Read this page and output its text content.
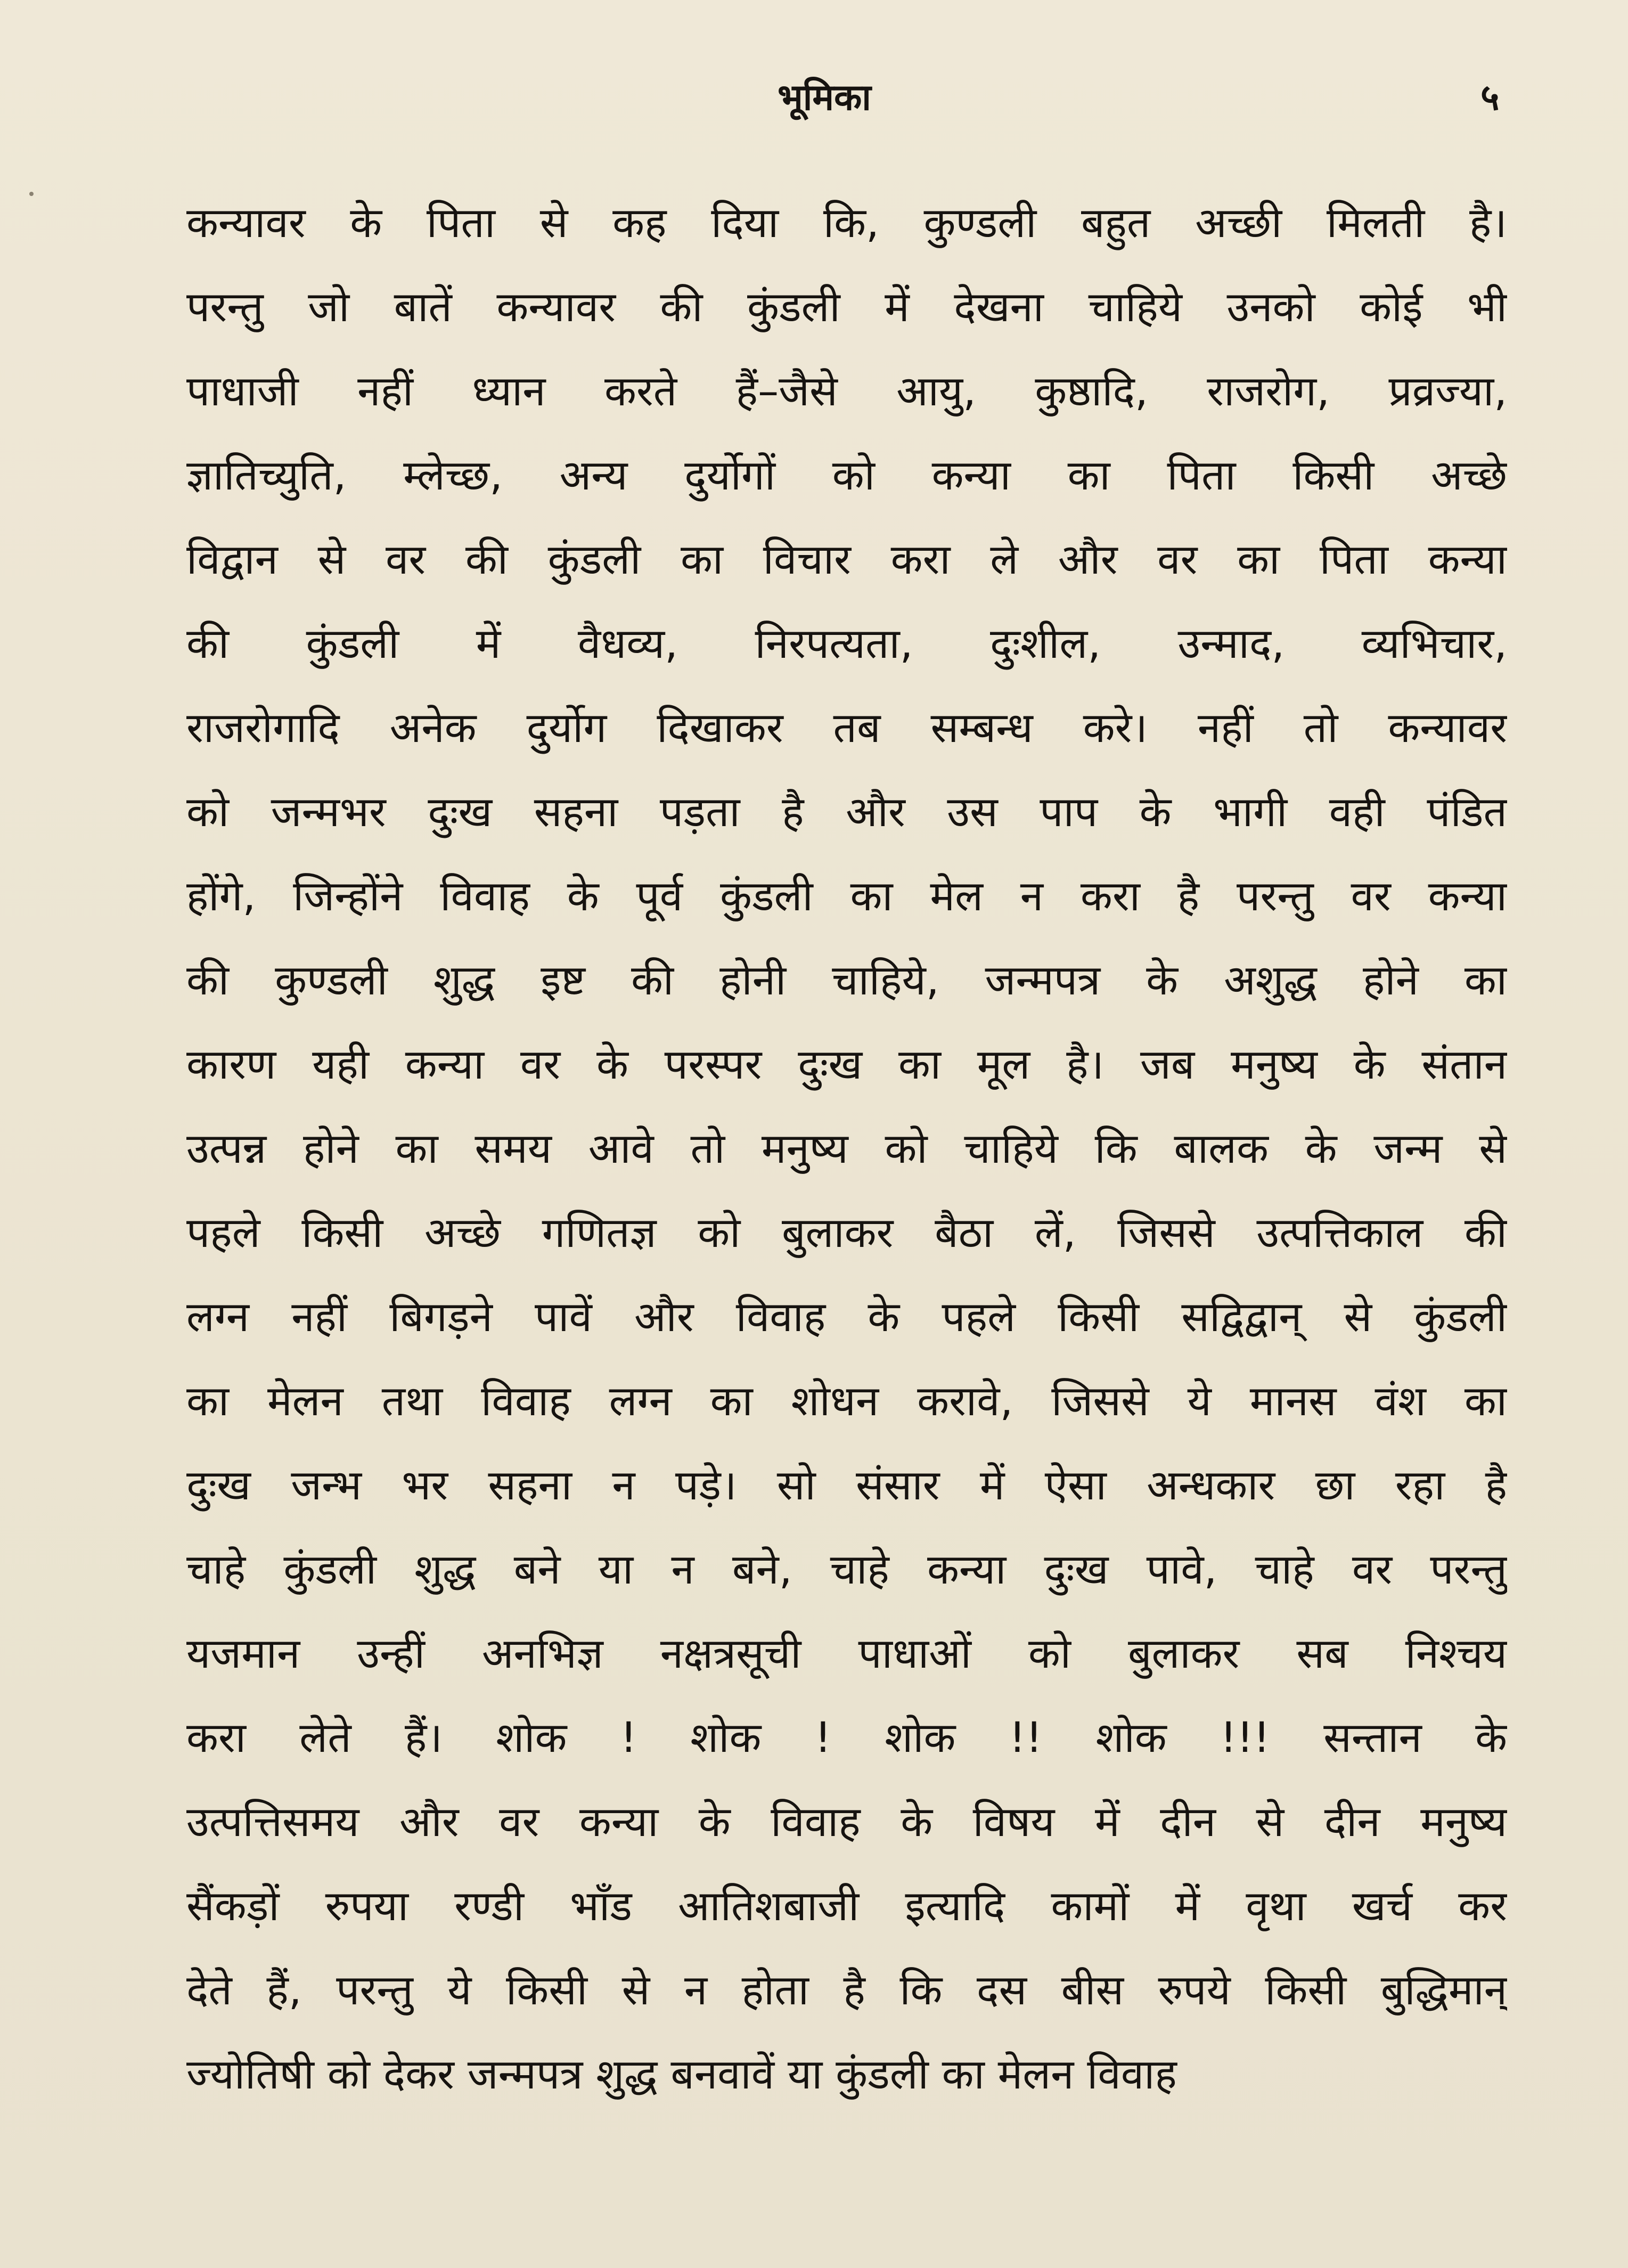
भूमिका	५
कन्यावर के पिता से कह दिया कि, कुण्डली बहुत अच्छी मिलती है।
परन्तु जो बातें कन्यावर की कुंडली में देखना चाहिये उनको कोई भी
पाधाजी नहीं ध्यान करते हैं–जैसे आयु, कुष्ठादि, राजरोग, प्रव्रज्या,
ज्ञातिच्युति, म्लेच्छ, अन्य दुर्योगों को कन्या का पिता किसी अच्छे
विद्वान से वर की कुंडली का विचार करा ले और वर का पिता कन्या
की कुंडली में वैधव्य, निरपत्यता, दुःशील, उन्माद, व्यभिचार,
राजरोगादि अनेक दुर्योग दिखाकर तब सम्बन्ध करे। नहीं तो कन्यावर
को जन्मभर दुःख सहना पड़ता है और उस पाप के भागी वही पंडित
होंगे, जिन्होंने विवाह के पूर्व कुंडली का मेल न करा है परन्तु वर कन्या
की कुण्डली शुद्ध इष्ट की होनी चाहिये, जन्मपत्र के अशुद्ध होने का
कारण यही कन्या वर के परस्पर दुःख का मूल है। जब मनुष्य के संतान
उत्पन्न होने का समय आवे तो मनुष्य को चाहिये कि बालक के जन्म से
पहले किसी अच्छे गणितज्ञ को बुलाकर बैठा लें, जिससे उत्पत्तिकाल की
लग्न नहीं बिगड़ने पावें और विवाह के पहले किसी सद्विद्वान् से कुंडली
का मेलन तथा विवाह लग्न का शोधन करावे, जिससे ये मानस वंश का
दुःख जन्भ भर सहना न पड़े। सो संसार में ऐसा अन्धकार छा रहा है
चाहे कुंडली शुद्ध बने या न बने, चाहे कन्या दुःख पावे, चाहे वर परन्तु
यजमान उन्हीं अनभिज्ञ नक्षत्रसूची पाधाओं को बुलाकर सब निश्चय
करा लेते हैं। शोक ! शोक ! शोक !! शोक !!! सन्तान के
उत्पत्तिसमय और वर कन्या के विवाह के विषय में दीन से दीन मनुष्य
सैंकड़ों रुपया रण्डी भाँड आतिशबाजी इत्यादि कामों में वृथा खर्च कर
देते हैं, परन्तु ये किसी से न होता है कि दस बीस रुपये किसी बुद्धिमान्
ज्योतिषी को देकर जन्मपत्र शुद्ध बनवावें या कुंडली का मेलन विवाह
